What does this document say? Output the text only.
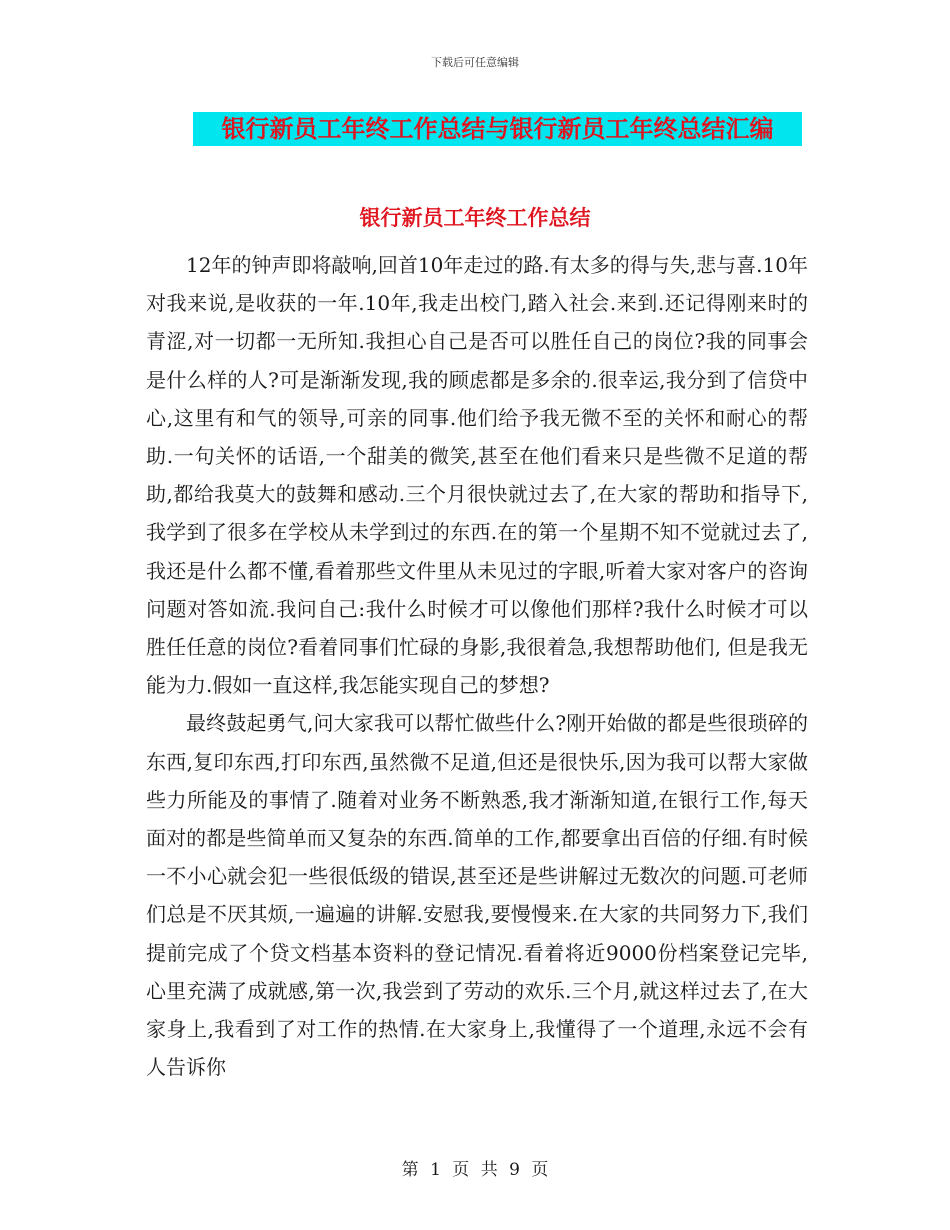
下载后可任意编辑
银行新员工年终工作总结与银行新员工年终总结汇编
银行新员工年终工作总结

12年的钟声即将敲响,回首10年走过的路.有太多的得与失,悲与喜.10年对我来说,是收获的一年.10年,我走出校门,踏入社会.来到.还记得刚来时的青涩,对一切都一无所知.我担心自己是否可以胜任自己的岗位?我的同事会是什么样的人?可是渐渐发现,我的顾虑都是多余的.很幸运,我分到了信贷中心,这里有和气的领导,可亲的同事.他们给予我无微不至的关怀和耐心的帮助.一句关怀的话语,一个甜美的微笑,甚至在他们看来只是些微不足道的帮助,都给我莫大的鼓舞和感动.三个月很快就过去了,在大家的帮助和指导下,我学到了很多在学校从未学到过的东西.在的第一个星期不知不觉就过去了,我还是什么都不懂,看着那些文件里从未见过的字眼,听着大家对客户的咨询问题对答如流.我问自己:我什么时候才可以像他们那样?我什么时候才可以胜任任意的岗位?看着同事们忙碌的身影,我很着急,我想帮助他们, 但是我无能为力.假如一直这样,我怎能实现自己的梦想?

最终鼓起勇气,问大家我可以帮忙做些什么?刚开始做的都是些很琐碎的东西,复印东西,打印东西,虽然微不足道,但还是很快乐,因为我可以帮大家做些力所能及的事情了.随着对业务不断熟悉,我才渐渐知道,在银行工作,每天面对的都是些简单而又复杂的东西.简单的工作,都要拿出百倍的仔细.有时候一不小心就会犯一些很低级的错误,甚至还是些讲解过无数次的问题.可老师们总是不厌其烦,一遍遍的讲解.安慰我,要慢慢来.在大家的共同努力下,我们提前完成了个贷文档基本资料的登记情况.看着将近9000份档案登记完毕,心里充满了成就感,第一次,我尝到了劳动的欢乐.三个月,就这样过去了,在大家身上,我看到了对工作的热情.在大家身上,我懂得了一个道理,永远不会有人告诉你

第 1 页 共 9 页
